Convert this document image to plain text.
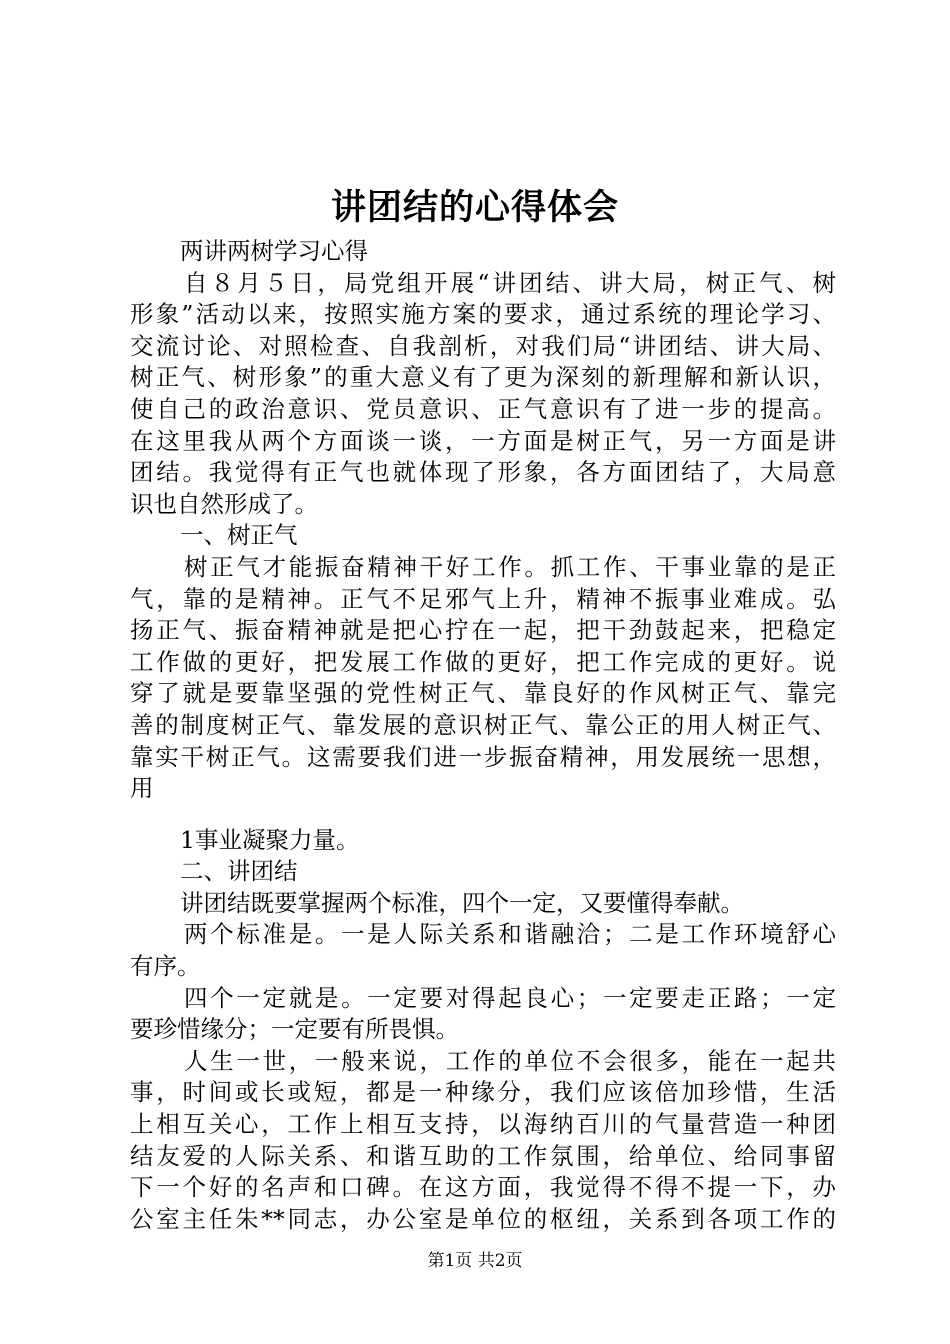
讲团结的心得体会
两讲两树学习心得
自８月５日，局党组开展“讲团结、讲大局，树正气、树
形象”活动以来，按照实施方案的要求，通过系统的理论学习、
交流讨论、对照检查、自我剖析，对我们局“讲团结、讲大局、
树正气、树形象”的重大意义有了更为深刻的新理解和新认识，
使自己的政治意识、党员意识、正气意识有了进一步的提高。
在这里我从两个方面谈一谈，一方面是树正气，另一方面是讲
团结。我觉得有正气也就体现了形象，各方面团结了，大局意
识也自然形成了。
一、树正气
树正气才能振奋精神干好工作。抓工作、干事业靠的是正
气，靠的是精神。正气不足邪气上升，精神不振事业难成。弘
扬正气、振奋精神就是把心拧在一起，把干劲鼓起来，把稳定
工作做的更好，把发展工作做的更好，把工作完成的更好。说
穿了就是要靠坚强的党性树正气、靠良好的作风树正气、靠完
善的制度树正气、靠发展的意识树正气、靠公正的用人树正气、
靠实干树正气。这需要我们进一步振奋精神，用发展统一思想，
用
1事业凝聚力量。
二、讲团结
讲团结既要掌握两个标准，四个一定，又要懂得奉献。
两个标准是。一是人际关系和谐融洽；二是工作环境舒心
有序。
四个一定就是。一定要对得起良心；一定要走正路；一定
要珍惜缘分；一定要有所畏惧。
人生一世，一般来说，工作的单位不会很多，能在一起共
事，时间或长或短，都是一种缘分，我们应该倍加珍惜，生活
上相互关心，工作上相互支持，以海纳百川的气量营造一种团
结友爱的人际关系、和谐互助的工作氛围，给单位、给同事留
下一个好的名声和口碑。在这方面，我觉得不得不提一下，办
公室主任朱**同志，办公室是单位的枢纽，关系到各项工作的
第1页 共2页
